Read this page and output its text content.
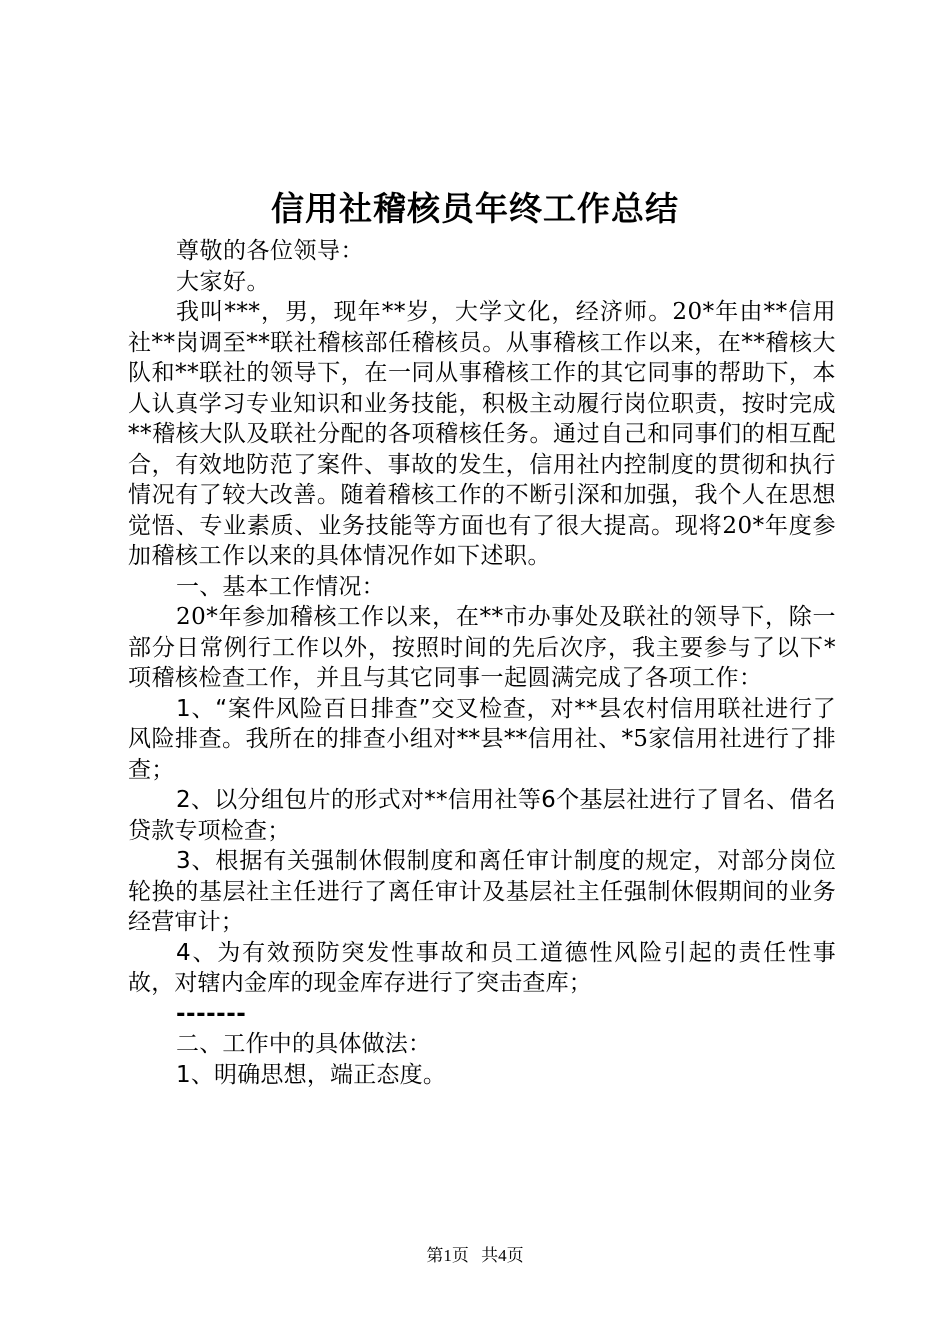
信用社稽核员年终工作总结

尊敬的各位领导：

大家好。

我叫***，男，现年**岁，大学文化，经济师。20*年由**信用社**岗调至**联社稽核部任稽核员。从事稽核工作以来，在**稽核大队和**联社的领导下，在一同从事稽核工作的其它同事的帮助下，本人认真学习专业知识和业务技能，积极主动履行岗位职责，按时完成**稽核大队及联社分配的各项稽核任务。通过自己和同事们的相互配合，有效地防范了案件、事故的发生，信用社内控制度的贯彻和执行情况有了较大改善。随着稽核工作的不断引深和加强，我个人在思想觉悟、专业素质、业务技能等方面也有了很大提高。现将20*年度参加稽核工作以来的具体情况作如下述职。

一、基本工作情况：

20*年参加稽核工作以来，在**市办事处及联社的领导下，除一部分日常例行工作以外，按照时间的先后次序，我主要参与了以下*项稽核检查工作，并且与其它同事一起圆满完成了各项工作：

1、“案件风险百日排查”交叉检查，对**县农村信用联社进行了风险排查。我所在的排查小组对**县**信用社、*5家信用社进行了排查；

2、以分组包片的形式对**信用社等6个基层社进行了冒名、借名贷款专项检查；

3、根据有关强制休假制度和离任审计制度的规定，对部分岗位轮换的基层社主任进行了离任审计及基层社主任强制休假期间的业务经营审计；

4、为有效预防突发性事故和员工道德性风险引起的责任性事故，对辖内金库的现金库存进行了突击查库；

-------

二、工作中的具体做法：

1、明确思想，端正态度。

第1页 共4页
